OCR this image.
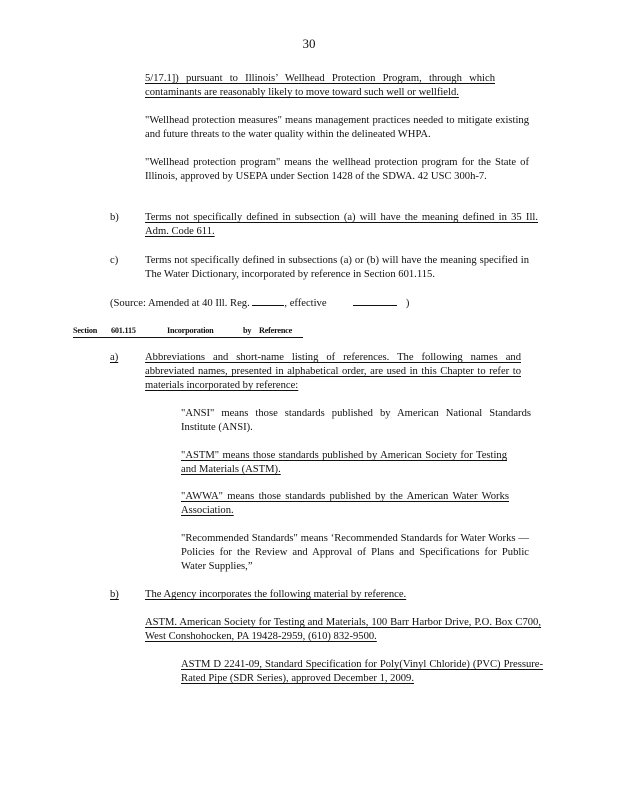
30
5/17.1]) pursuant to Illinois’ Wellhead Protection Program, through which contaminants are reasonably likely to move toward such well or wellfield.
"Wellhead protection measures" means management practices needed to mitigate existing and future threats to the water quality within the delineated WHPA.
"Wellhead protection program" means the wellhead protection program for the State of Illinois, approved by USEPA under Section 1428 of the SDWA. 42 USC 300h-7.
b) Terms not specifically defined in subsection (a) will have the meaning defined in 35 Ill. Adm. Code 611.
c)	Terms not specifically defined in subsections (a) or (b) will have the meaning specified in The Water Dictionary, incorporated by reference in Section 601.115.
(Source: Amended at 40 Ill. Reg.	, effective	)
Section 601.115	Incorporation	by Reference
a)	Abbreviations and short-name listing of references. The following names and abbreviated names, presented in alphabetical order, are used in this Chapter to refer to materials incorporated by reference:
"ANSI" means those standards published by American National Standards Institute (ANSI).
"ASTM" means those standards published by American Society for Testing and Materials (ASTM).
"AWWA" means those standards published by the American Water Works Association.
"Recommended Standards" means ‘Recommended Standards for Water Works — Policies for the Review and Approval of Plans and Specifications for Public Water Supplies,”
b) The Agency incorporates the following material by reference.
ASTM. American Society for Testing and Materials, 100 Barr Harbor Drive, P.O. Box C700, West Conshohocken, PA 19428-2959, (610) 832-9500.
ASTM D 2241-09, Standard Specification for Poly(Vinyl Chloride) (PVC) Pressure-Rated Pipe (SDR Series), approved December 1, 2009.
